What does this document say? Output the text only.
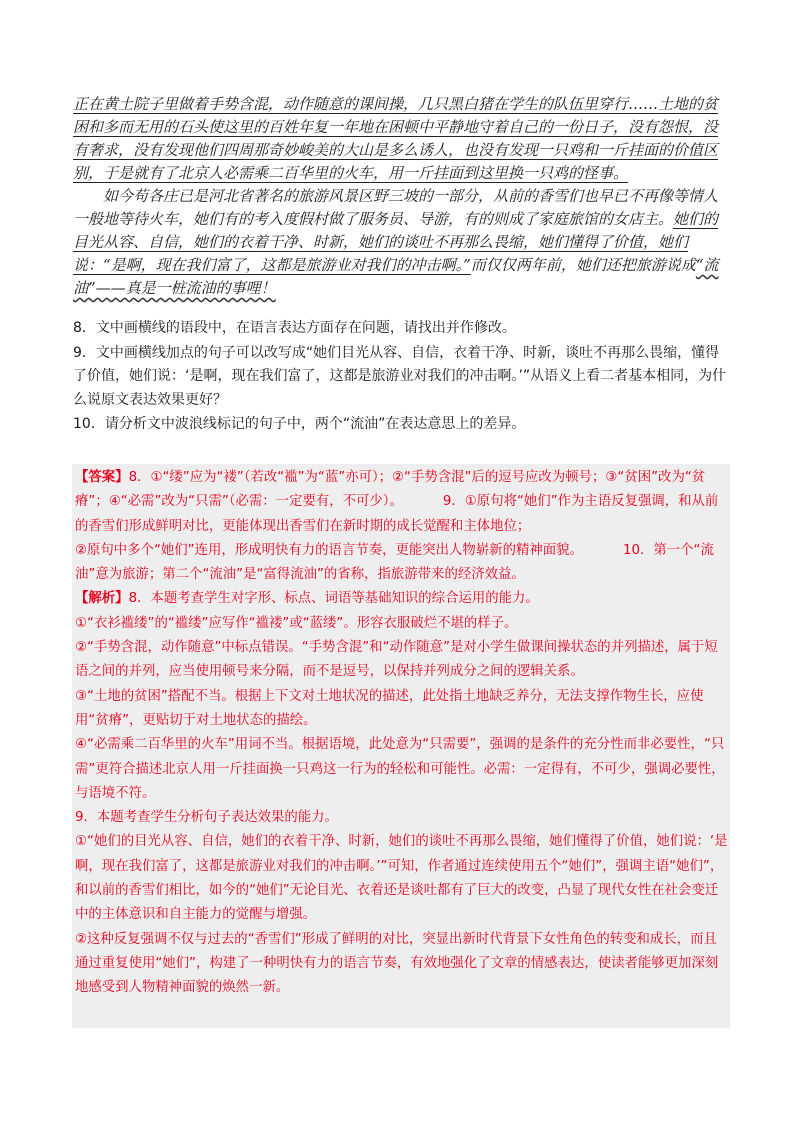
正在黄土院子里做着手势含混，动作随意的课间操，几只黑白猪在学生的队伍里穿行……土地的贫困和多而无用的石头使这里的百姓年复一年地在困顿中平静地守着自己的一份日子，没有怨恨，没有奢求，没有发现他们四周那奇妙峻美的大山是多么诱人，也没有发现一只鸡和一斤挂面的价值区别，于是就有了北京人必需乘二百华里的火车，用一斤挂面到这里换一只鸡的怪事。

如今苟各庄已是河北省著名的旅游风景区野三坡的一部分，从前的香雪们也早已不再像等情人一般地等待火车，她们有的考入度假村做了服务员、导游，有的则成了家庭旅馆的女店主。她们的目光从容、自信，她们的衣着干净、时新，她们的谈吐不再那么畏缩，她们懂得了价值，她们说：“是啊，现在我们富了，这都是旅游业对我们的冲击啊。”而仅仅两年前，她们还把旅游说成“流油”——真是一桩流油的事哩！

8．文中画横线的语段中，在语言表达方面存在问题，请找出并作修改。

9．文中画横线加点的句子可以改写成“她们目光从容、自信，衣着干净、时新，谈吐不再那么畏缩，懂得了价值，她们说：‘是啊，现在我们富了，这都是旅游业对我们的冲击啊。’”从语义上看二者基本相同，为什么说原文表达效果更好？

10．请分析文中波浪线标记的句子中，两个“流油”在表达意思上的差异。

【答案】8．①“缕”应为“褛”（若改“褴”为“蓝”亦可）；②“手势含混”后的逗号应改为顿号；③“贫困”改为“贫瘠”；④“必需”改为“只需”（必需：一定要有，不可少）。	9．①原句将“她们”作为主语反复强调，和从前的香雪们形成鲜明对比，更能体现出香雪们在新时期的成长觉醒和主体地位；

②原句中多个“她们”连用，形成明快有力的语言节奏，更能突出人物崭新的精神面貌。	10．第一个“流油”意为旅游；第二个“流油”是“富得流油”的省称，指旅游带来的经济效益。

【解析】8．本题考查学生对字形、标点、词语等基础知识的综合运用的能力。

①“衣衫褴缕”的“褴缕”应写作“褴褛”或“蓝缕”。形容衣服破烂不堪的样子。

②“手势含混，动作随意”中标点错误。“手势含混”和“动作随意”是对小学生做课间操状态的并列描述，属于短语之间的并列，应当使用顿号来分隔，而不是逗号，以保持并列成分之间的逻辑关系。

③“土地的贫困”搭配不当。根据上下文对土地状况的描述，此处指土地缺乏养分，无法支撑作物生长，应使用“贫瘠”，更贴切于对土地状态的描绘。

④“必需乘二百华里的火车”用词不当。根据语境，此处意为“只需要”，强调的是条件的充分性而非必要性，“只需”更符合描述北京人用一斤挂面换一只鸡这一行为的轻松和可能性。必需：一定得有，不可少，强调必要性，与语境不符。

9．本题考查学生分析句子表达效果的能力。

①“她们的目光从容、自信，她们的衣着干净、时新，她们的谈吐不再那么畏缩，她们懂得了价值，她们说：‘是啊，现在我们富了，这都是旅游业对我们的冲击啊。’”可知，作者通过连续使用五个“她们”，强调主语“她们”，和以前的香雪们相比，如今的“她们”无论目光、衣着还是谈吐都有了巨大的改变，凸显了现代女性在社会变迁中的主体意识和自主能力的觉醒与增强。

②这种反复强调不仅与过去的“香雪们”形成了鲜明的对比，突显出新时代背景下女性角色的转变和成长，而且通过重复使用“她们”，构建了一种明快有力的语言节奏，有效地强化了文章的情感表达，使读者能够更加深刻地感受到人物精神面貌的焕然一新。
